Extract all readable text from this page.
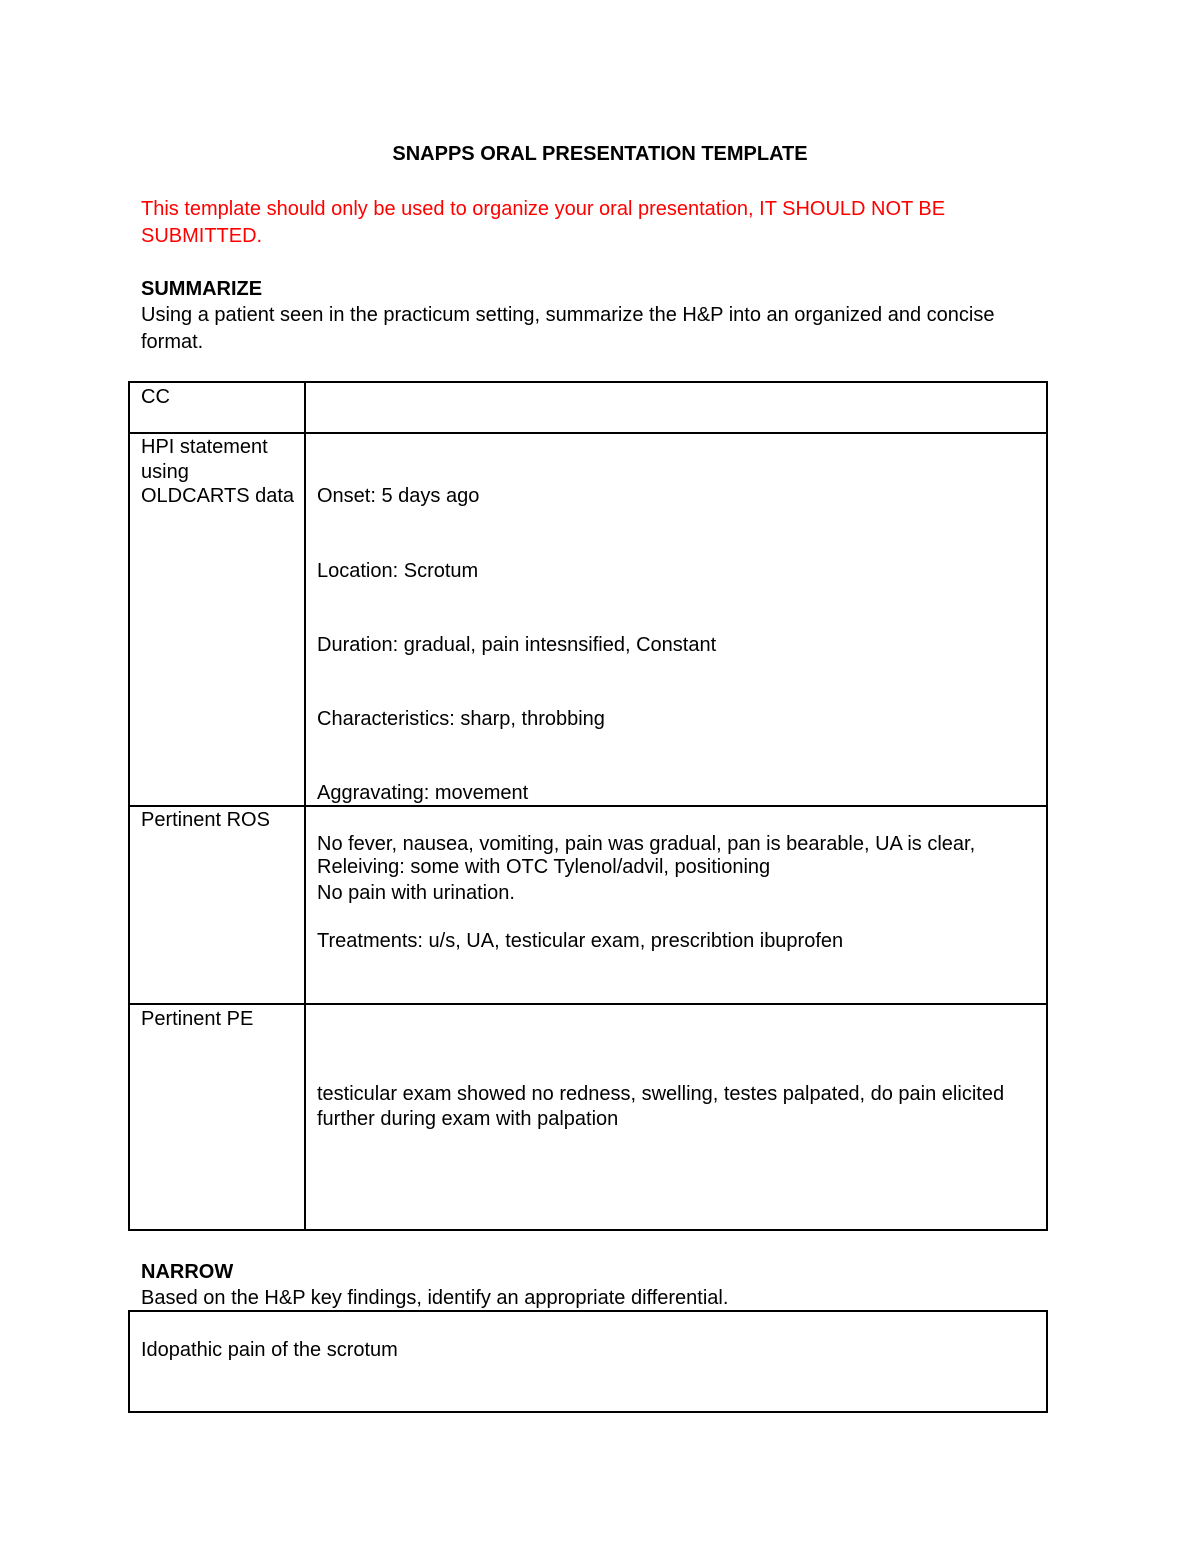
SNAPPS ORAL PRESENTATION TEMPLATE
This template should only be used to organize your oral presentation, IT SHOULD NOT BE SUBMITTED.
SUMMARIZE
Using a patient seen in the practicum setting, summarize the H&P into an organized and concise format.
CC
HPI statement using OLDCARTS data

Onset: 5 days ago

Location: Scrotum

Duration: gradual, pain intesnsified, Constant

Characteristics: sharp, throbbing

Aggravating: movement

Releiving: some with OTC Tylenol/advil, positioning

Treatments: u/s, UA, testicular exam, prescribtion ibuprofen

Pertinent ROS
No fever, nausea, vomiting, pain was gradual, pan is bearable, UA is clear,
No pain with urination.
Pertinent PE
testicular exam showed no redness, swelling, testes palpated, do pain elicited further during exam with palpation
NARROW
Based on the H&P key findings, identify an appropriate differential.
Idopathic pain of the scrotum
